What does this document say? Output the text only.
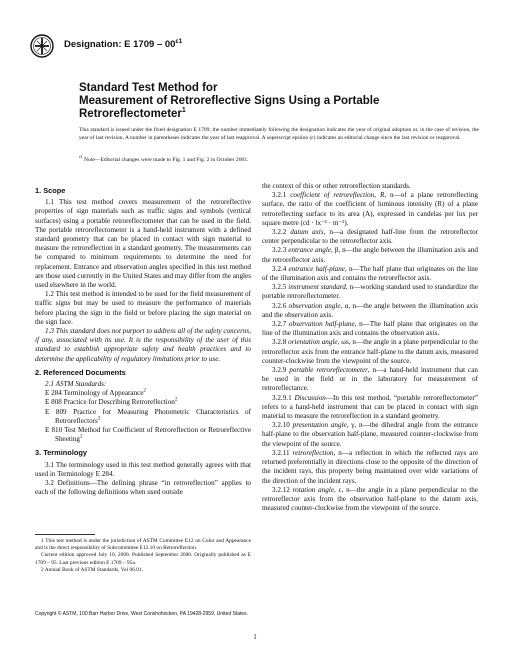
Designation: E $1709 - 00^{\varepsilon 1}$
Standard Test Method for
Measurement of Retroreflective Signs Using a Portable
Retroreflectometer$^1$
This standard is issued under the fixed designation E 1709; the number immediately following the designation indicates the year of original adoption or, in the case of revision, the year of last revision. A number in parentheses indicates the year of last reapproval. A superscript epsilon (ε) indicates an editorial change since the last revision or reapproval.
$^{\varepsilon 1}$ Note—Editorial changes were made to Fig. 1 and Fig. 2 in October 2001.

1. Scope

1.1 This test method covers measurement of the retroreflective properties of sign materials such as traffic signs and symbols (vertical surfaces) using a portable retroreflectometer that can be used in the field. The portable retroreflectometer is a hand-held instrument with a defined standard geometry that can be placed in contact with sign material to measure the retroreflection in a standard geometry. The measurements can be compared to minimum requirements to determine the need for replacement. Entrance and observation angles specified in this test method are those used currently in the United States and may differ from the angles used elsewhere in the world.

1.2 This test method is intended to be used for the field measurement of traffic signs but may be used to measure the performance of materials before placing the sign in the field or before placing the sign material on the sign face.

1.3 This standard does not purport to address all of the safety concerns, if any, associated with its use. It is the responsibility of the user of this standard to establish appropriate safety and health practices and to determine the applicability of regulatory limitations prior to use.

2. Referenced Documents

2.1 ASTM Standards:

E 284 Terminology of Appearance$^2$

E 808 Practice for Describing Retroreflection$^2$

E 809 Practice for Measuring Photometric Characteristics of Retroreflectors$^2$

E 810 Test Method for Coefficient of Retroreflection or Retroreflective Sheeting$^2$

3. Terminology

3.1 The terminology used in this test method generally agrees with that used in Terminology E 284.

3.2 Definitions—The defining phrase “in retroreflection” applies to each of the following definitions when used outside

1 This test method is under the jurisdiction of ASTM Committee E12 on Color and Appearance and is the direct responsibility of Subcommittee E12.10 on Retroreflection.

Current edition approved July 10, 2000. Published September 2000. Originally published as E 1709 – 95. Last previous edition E 1709 – 95a.

2 Annual Book of ASTM Standards, Vol 06.01.

the context of this or other retroreflection standards.

3.2.1 coefficient of retroreflection, R, n—of a plane retroreflecting surface, the ratio of the coefficient of luminous intensity (R) of a plane retroreflecting surface to its area (A), expressed in candelas per lux per square metre (cd · lx⁻¹ · m⁻²).

3.2.2 datum axis, n—a designated half-line from the retroreflector center perpendicular to the retroreflector axis.

3.2.3 entrance angle, β, n—the angle between the illumination axis and the retroreflector axis.

3.2.4 entrance half-plane, n—The half plane that originates on the line of the illumination axis and contains the retroreflector axis.

3.2.5 instrument standard, n—working standard used to standardize the portable retroreflectometer.

3.2.6 observation angle, α, n—the angle between the illumination axis and the observation axis.

3.2.7 observation half-plane, n—The half plane that originates on the line of the illumination axis and contains the observation axis.

3.2.8 orientation angle, ωs, n—the angle in a plane perpendicular to the retroreflector axis from the entrance half-plane to the datum axis, measured counter-clockwise from the viewpoint of the source.

3.2.9 portable retroreflectometer, n—a hand-held instrument that can be used in the field or in the laboratory for measurement of retroreflectance.

3.2.9.1 Discussion—In this test method, “portable retroreflectometer” refers to a hand-held instrument that can be placed in contact with sign material to measure the retroreflection in a standard geometry.

3.2.10 presentation angle, γ, n—the dihedral angle from the entrance half-plane to the observation half-plane, measured counter-clockwise from the viewpoint of the source.

3.2.11 retroreflection, n—a reflection in which the reflected rays are returned preferentially in directions close to the opposite of the direction of the incident rays, this property being maintained over wide variations of the direction of the incident rays.

3.2.12 rotation angle, ε, n—the angle in a plane perpendicular to the retroreflector axis from the observation half-plane to the datum axis, measured counter-clockwise from the viewpoint of the source.

Copyright © ASTM, 100 Barr Harbor Drive, West Conshohocken, PA 19428-2959, United States.
1
